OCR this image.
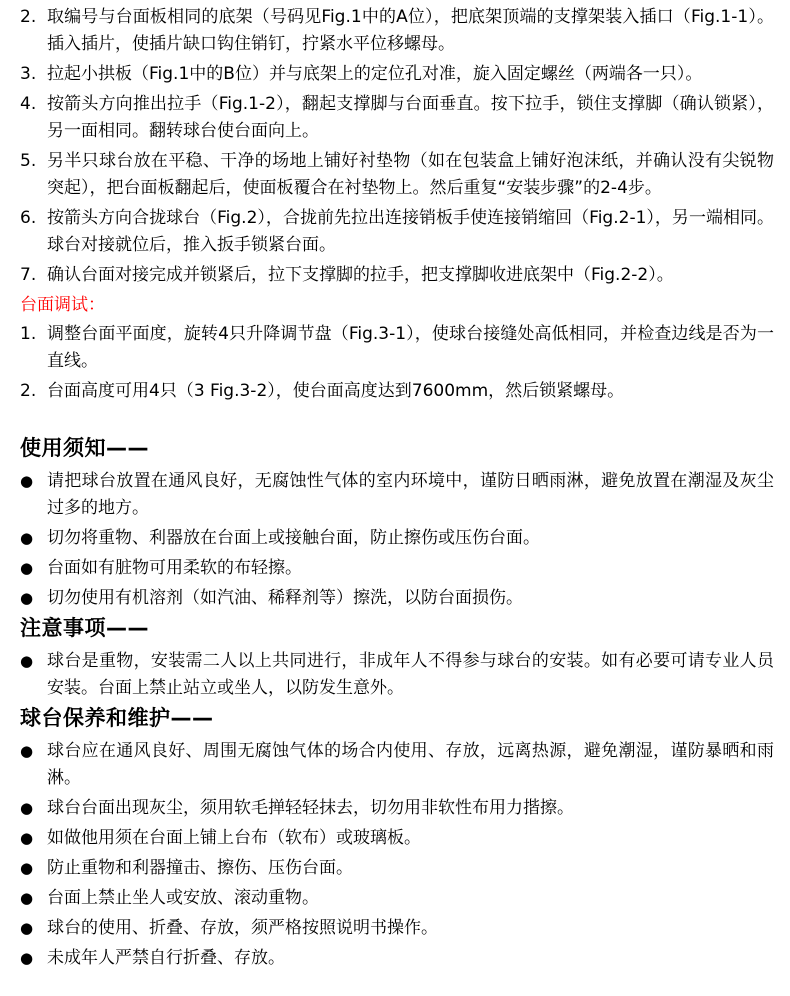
2. 取编号与台面板相同的底架（号码见Fig.1中的A位），把底架顶端的支撑架装入插口（Fig.1-1）。插入插片，使插片缺口钩住销钉，拧紧水平位移螺母。
3. 拉起小拱板（Fig.1中的B位）并与底架上的定位孔对准，旋入固定螺丝（两端各一只）。
4. 按箭头方向推出拉手（Fig.1-2），翻起支撑脚与台面垂直。按下拉手，锁住支撑脚（确认锁紧），另一面相同。翻转球台使台面向上。
5. 另半只球台放在平稳、干净的场地上铺好衬垫物（如在包装盒上铺好泡沫纸，并确认没有尖锐物突起），把台面板翻起后，使面板覆合在衬垫物上。然后重复“安装步骤”的2-4步。
6. 按箭头方向合拢球台（Fig.2），合拢前先拉出连接销板手使连接销缩回（Fig.2-1），另一端相同。球台对接就位后，推入扳手锁紧台面。
7. 确认台面对接完成并锁紧后，拉下支撑脚的拉手，把支撑脚收进底架中（Fig.2-2）。
台面调试：
1. 调整台面平面度，旋转4只升降调节盘（Fig.3-1），使球台接缝处高低相同，并检查边线是否为一直线。
2. 台面高度可用4只（3 Fig.3-2），使台面高度达到7600mm，然后锁紧螺母。
使用须知——
● 请把球台放置在通风良好，无腐蚀性气体的室内环境中，谨防日晒雨淋，避免放置在潮湿及灰尘过多的地方。
● 切勿将重物、利器放在台面上或接触台面，防止擦伤或压伤台面。
● 台面如有脏物可用柔软的布轻擦。
● 切勿使用有机溶剂（如汽油、稀释剂等）擦洗，以防台面损伤。
注意事项——
● 球台是重物，安装需二人以上共同进行，非成年人不得参与球台的安装。如有必要可请专业人员安装。台面上禁止站立或坐人，以防发生意外。
球台保养和维护——
● 球台应在通风良好、周围无腐蚀气体的场合内使用、存放，远离热源，避免潮湿，谨防暴晒和雨淋。
● 球台台面出现灰尘，须用软毛掸轻轻抹去，切勿用非软性布用力揩擦。
● 如做他用须在台面上铺上台布（软布）或玻璃板。
● 防止重物和利器撞击、擦伤、压伤台面。
● 台面上禁止坐人或安放、滚动重物。
● 球台的使用、折叠、存放，须严格按照说明书操作。
● 未成年人严禁自行折叠、存放。
